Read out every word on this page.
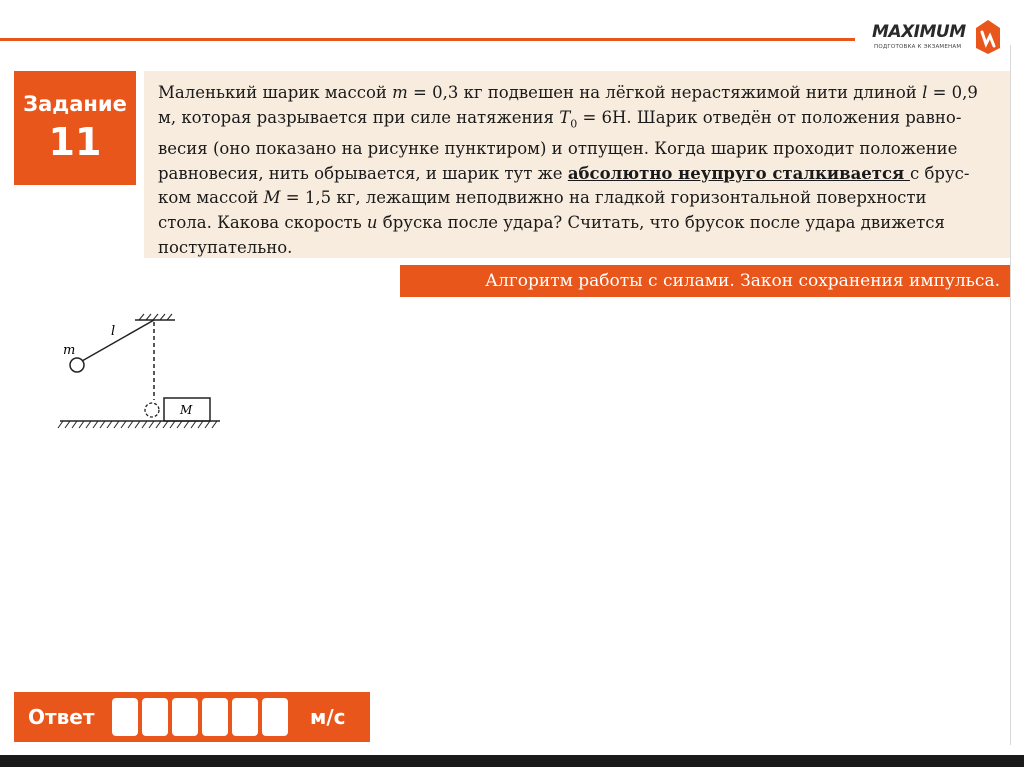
MAXIMUM
ПОДГОТОВКА К ЭКЗАМЕНАМ
Задание
11
Маленький шарик массой m = 0,3 кг подвешен на лёгкой нерастяжимой нити длиной l = 0,9
м, которая разрывается при силе натяжения $T_0 = 6Н$. Шарик отведён от положения равно-
весия (оно показано на рисунке пунктиром) и отпущен. Когда шарик проходит положение
равновесия, нить обрывается, и шарик тут же абсолютно неупруго сталкивается с брус-
ком массой M = 1,5 кг, лежащим неподвижно на гладкой горизонтальной поверхности
стола. Какова скорость u бруска после удара? Считать, что брусок после удара движется
поступательно.
Алгоритм работы с силами. Закон сохранения импульса.
m
l
M
Ответ	м/с
